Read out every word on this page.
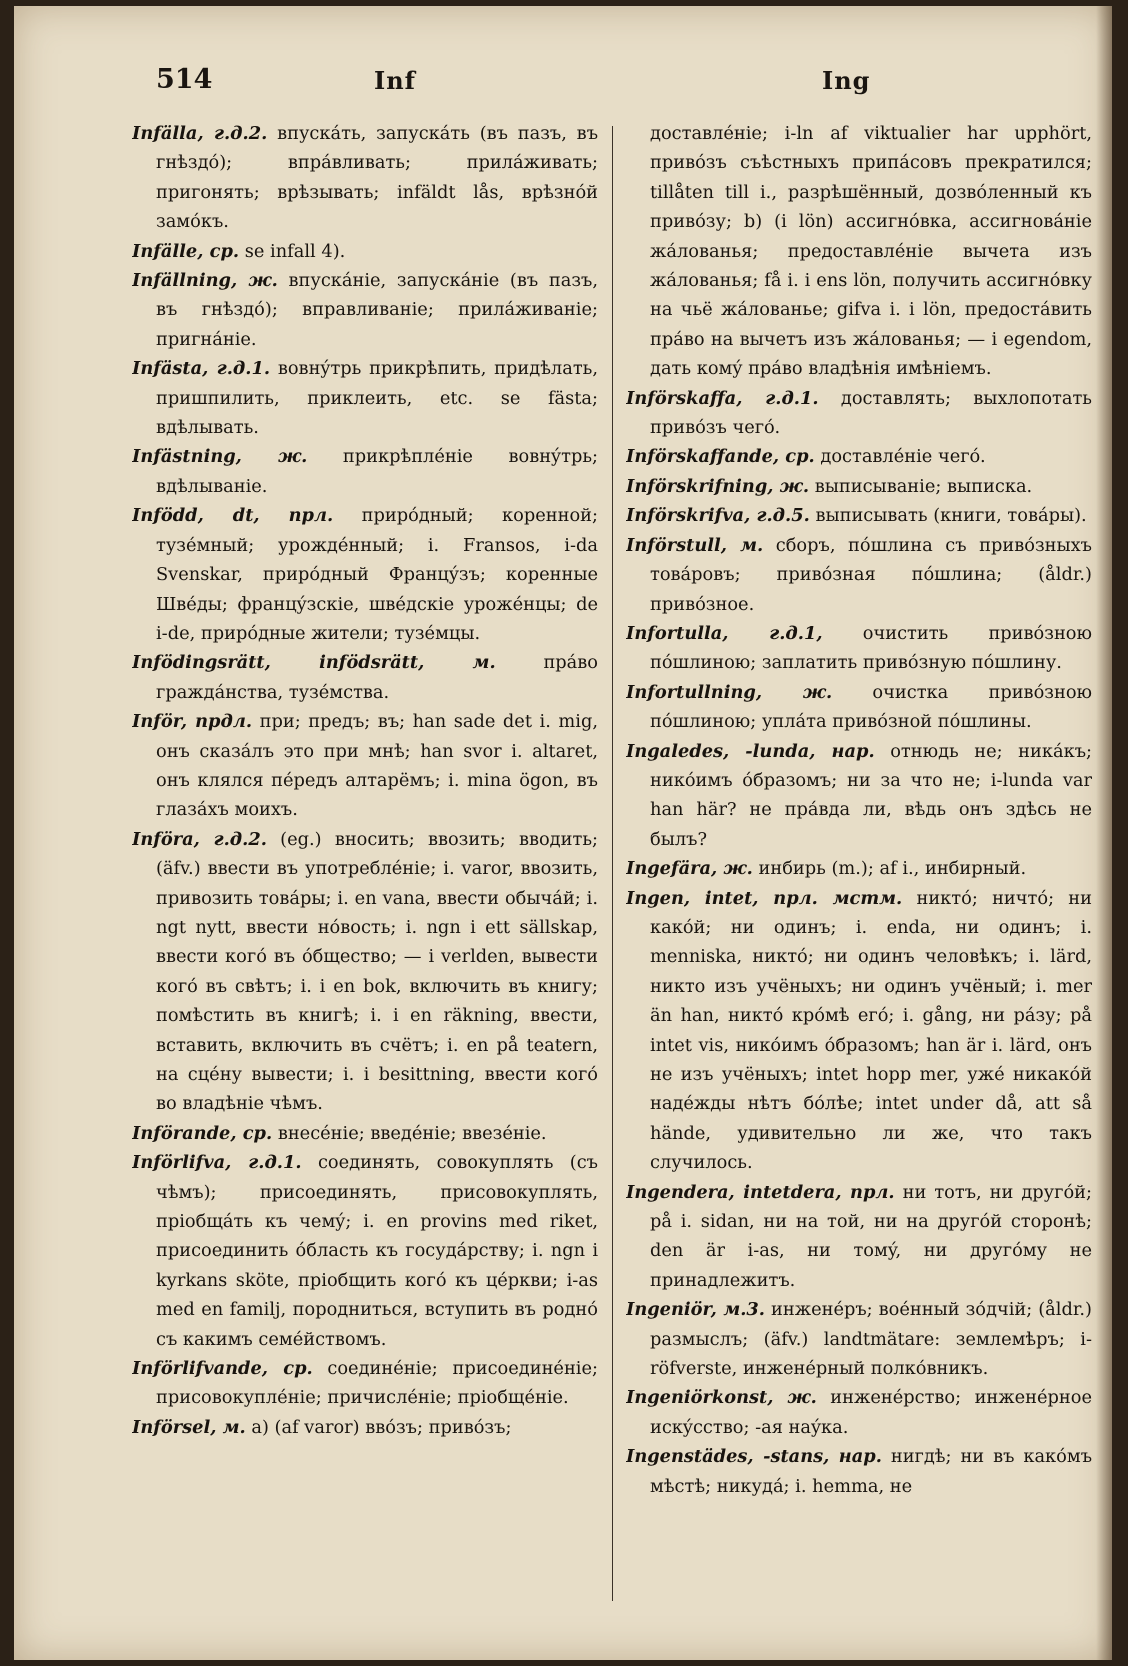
514	Inf	Ing

Infälla, г.д.2. впускáть, запускáть (въ пазъ, въ гнѣздó); впрáвливать; прилáживать; пригонять; врѣзывать; infäldt lås, врѣзнóй замóкъ.

Infälle, ср. se infall 4).

Infällning, ж. впускáніе, запускáніе (въ пазъ, въ гнѣздó); вправливаніе; прилáживаніе; пригнáніе.

Infästa, г.д.1. вовнýтрь прикрѣпить, придѣлать, пришпилить, приклеить, etc. se fästa; вдѣлывать.

Infästning, ж. прикрѣплéніе вовнýтрь; вдѣлываніе.

Infödd, dt, прл. прирóдный; коренной; тузéмный; урождéнный; i. Fransos, i-da Svenskar, прирóдный Францýзъ; коренные Швéды; францýзскіе, швéдскіе урожéнцы; de i-de, прирóдные жители; тузéмцы.

Infödingsrätt, infödsrätt, м.	прáво граждáнства, тузéмства.

Inför, прдл. при; предъ; въ; han sade det i. mig, онъ сказáлъ это при мнѣ; han svor i. altaret, онъ клялся пéредъ алтарёмъ; i. mina ögon, въ глазáхъ моихъ.

Införa, г.д.2. (eg.) вносить; ввозить; вводить; (äfv.) ввести въ употреблéніе; i. varor, ввозить, привозить товáры; i. en vana, ввести обычáй; i. ngt nytt, ввести нóвость; i. ngn i ett sällskap, ввести когó въ óбщество; — i verlden, вывести когó въ свѣтъ; i. i en bok, включить въ книгу; помѣстить въ книгѣ; i. i en räkning, ввести, вставить, включить въ счётъ; i. en på teatern, на сцéну вывести; i. i besittning, ввести когó во владѣніе чѣмъ.

Införande, ср. внесéніе; введéніе; ввезéніе.

Införlifva, г.д.1. соединять, совокуплять (съ чѣмъ); присоединять, присовокуплять, пріобщáть къ чемý; i. en provins med riket, присоединить óбласть къ госудáрству; i. ngn i kyrkans sköte, пріобщить когó къ цéркви; i-as med en familj, породниться, вступить въ роднó съ какимъ семéйствомъ.

Införlifvande, ср. соединéніе; присоединéніе; присовокуплéніе; причислéніе; пріобщéніе.

Införsel, м. а) (af varor) ввóзъ; привóзъ;

доставлéніе; i-ln af viktualier har upphört, привóзъ съѣстныхъ припáсовъ прекратился; tillåten till i., разрѣшённый, дозвóленный къ привóзу; b) (i lön) ассигнóвка, ассигновáніе жáлованья; предоставлéніе вычета изъ жáлованья; få i. i ens lön, получить ассигнóвку на чьё жáлованье; gifva i. i lön, предостáвить прáво на вычетъ изъ жáлованья; — i egendom, дать комý прáво владѣнія имѣніемъ.

Införskaffa, г.д.1. доставлять; выхлопотать привóзъ чегó.

Införskaffande, ср. доставлéніе чегó.

Införskrifning, ж. выписываніе; выписка.

Införskrifva, г.д.5. выписывать (книги, товáры).

Införstull, м. сборъ, пóшлина съ привóзныхъ товáровъ; привóзная пóшлина; (åldr.) привóзное.

Infortulla, г.д.1, очистить привóзною пóшлиною; заплатить привóзную пóшлину.

Infortullning, ж. очистка привóзною пóшлиною; уплáта привóзной пóшлины.

Ingaledes, -lunda, нар. отнюдь не; никáкъ; никóимъ óбразомъ; ни за что не; i-lunda var han här? не прáвда ли, вѣдь онъ здѣсь не былъ?

Ingefära, ж. инбирь (m.); af i., инбирный.

Ingen, intet, прл. мстм. никтó; ничтó; ни какóй; ни одинъ; i. enda, ни одинъ; i. menniska, никтó; ни одинъ человѣкъ; i. lärd, никто изъ учёныхъ; ни одинъ учёный; i. mer än han, никтó крóмѣ егó; i. gång, ни рáзу; på intet vis, никóимъ óбразомъ; han är i. lärd, онъ не изъ учёныхъ; intet hopp mer, ужé никакóй надéжды нѣтъ бóлѣе; intet under då, att så hände, удивительно ли же, что такъ случилось.

Ingendera, intetdera, прл. ни тотъ, ни другóй; på i. sidan, ни на той, ни на другóй сторонѣ; den är i-as, ни томý, ни другóму не принадлежитъ.

Ingeniör, м.3. инженéръ; воéнный зóдчій; (åldr.) размыслъ; (äfv.) landtmätare: землемѣръ; i-röfverste, инженéрный полкóвникъ.

Ingeniörkonst, ж. инженéрство; инженéрное искýсство; -ая наýка.

Ingenstädes, -stans, нар. нигдѣ; ни въ какóмъ мѣстѣ; никудá; i. hemma, не
